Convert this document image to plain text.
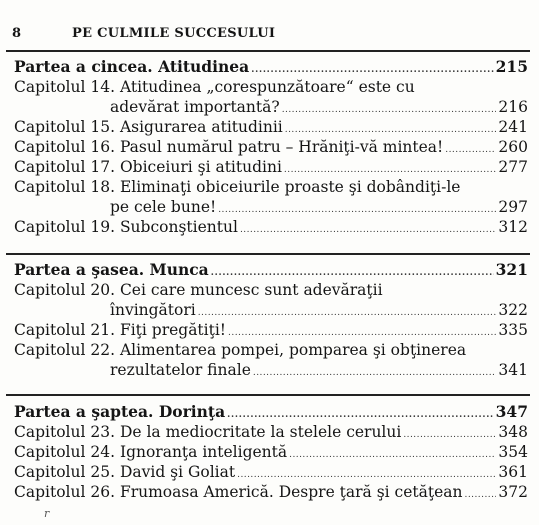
8	PE CULMILE SUCCESULUI
Partea a cincea. Atitudinea . . .	215
Capitolul 14. Atitudinea „corespunzătoare“ este cu
adevărat importantă? . . .	216
Capitolul 15. Asigurarea atitudinii . . .	241
Capitolul 16. Pasul numărul patru – Hrăniţi-vă mintea! . . .	260
Capitolul 17. Obiceiuri şi atitudini . . .	277
Capitolul 18. Eliminaţi obiceiurile proaste şi dobândiţi-le
pe cele bune! . . .	297
Capitolul 19. Subconştientul . . .	312
Partea a şasea. Munca . . .	321
Capitolul 20. Cei care muncesc sunt adevăraţii
învingători . . .	322
Capitolul 21. Fiţi pregătiţi! . . .	335
Capitolul 22. Alimentarea pompei, pomparea şi obţinerea
rezultatelor finale . . .	341
Partea a şaptea. Dorinţa . . .	347
Capitolul 23. De la mediocritate la stelele cerului . . .	348
Capitolul 24. Ignoranţa inteligentă . . .	354
Capitolul 25. David şi Goliat . . .	361
Capitolul 26. Frumoasa Americă. Despre ţară şi cetăţean . . . 372
r
